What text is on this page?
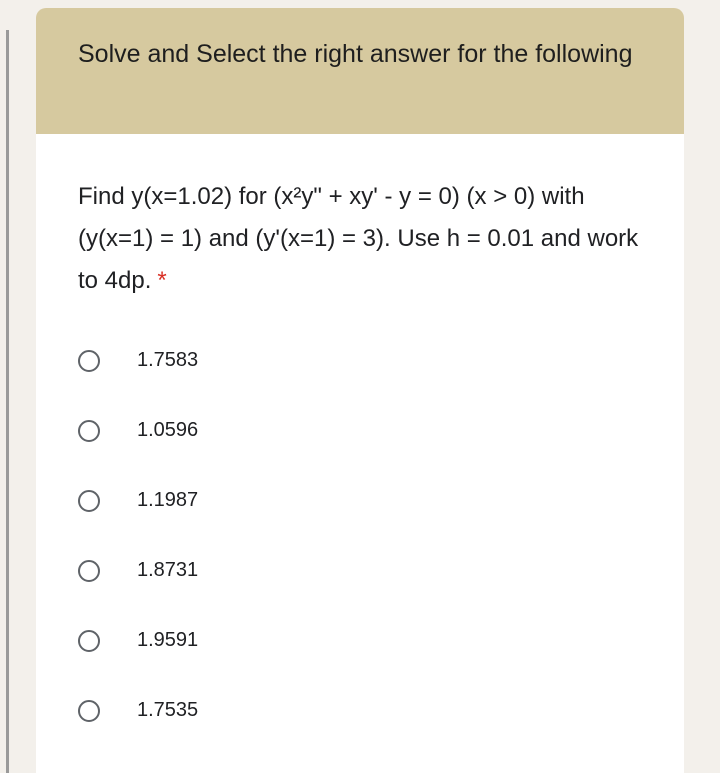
Solve and Select the right answer for the following

Find y(x=1.02) for (x²y" + xy' - y = 0) (x > 0) with (y(x=1) = 1) and (y'(x=1) = 3). Use h = 0.01 and work to 4dp. *

1.7583
1.0596
1.1987
1.8731
1.9591
1.7535
